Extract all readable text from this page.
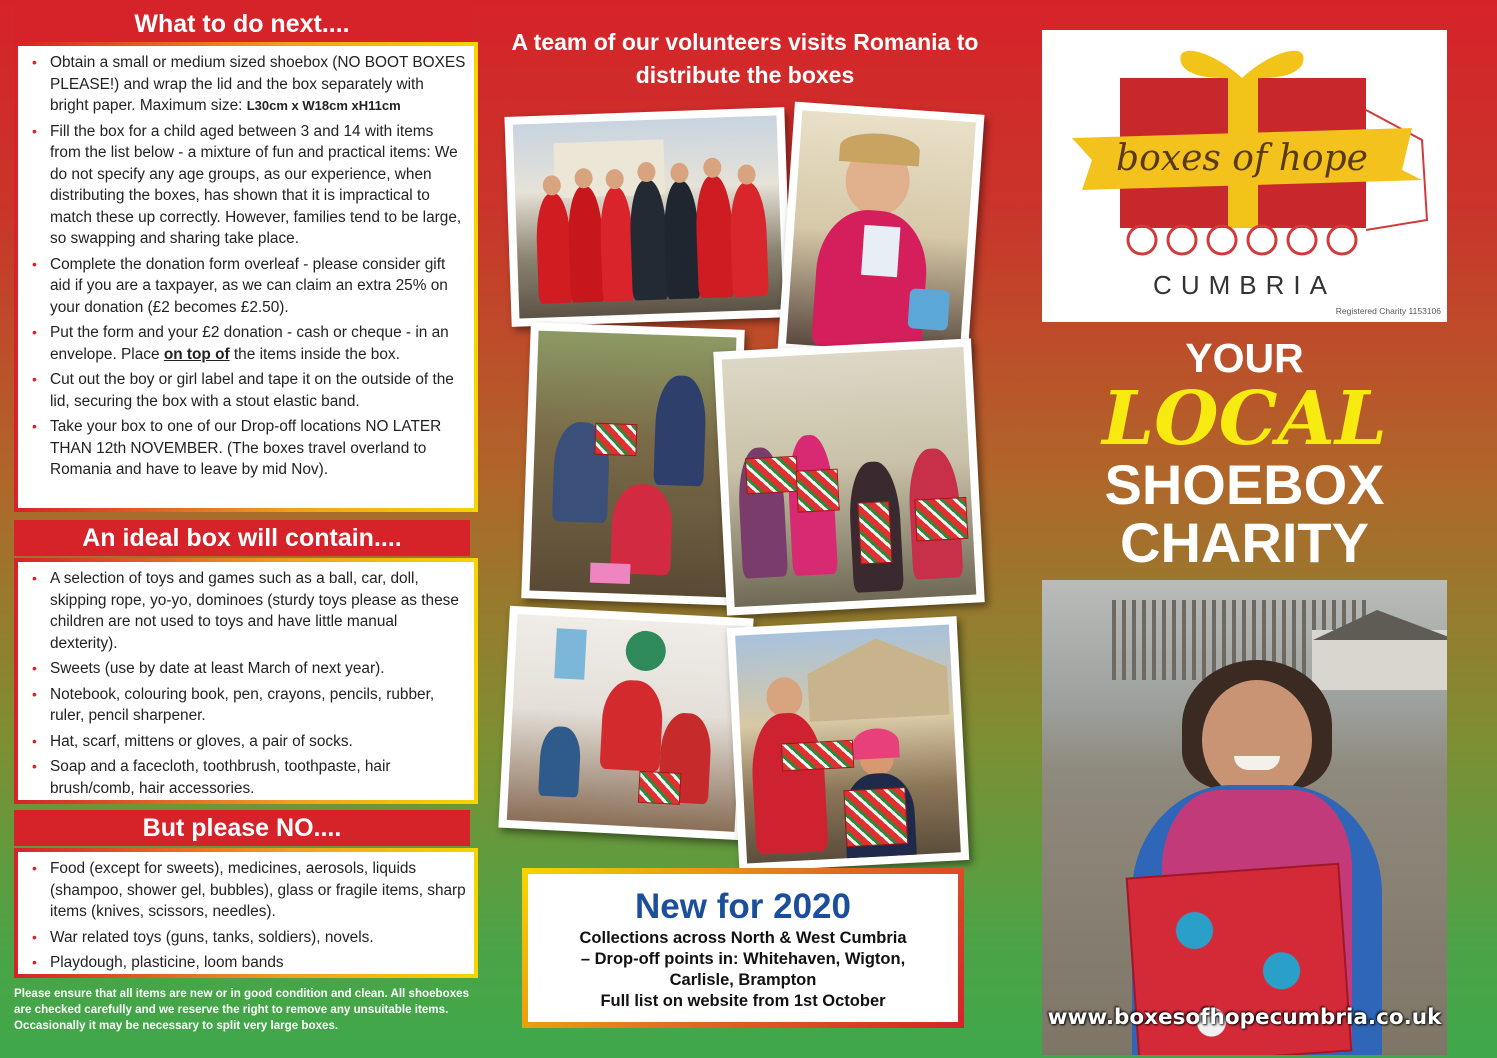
What to do next....
• Obtain a small or medium sized shoebox (NO BOOT BOXES PLEASE!) and wrap the lid and the box separately with bright paper. Maximum size: L30cm x W18cm xH11cm
• Fill the box for a child aged between 3 and 14 with items from the list below - a mixture of fun and practical items: We do not specify any age groups, as our experience, when distributing the boxes, has shown that it is impractical to match these up correctly. However, families tend to be large, so swapping and sharing take place.
• Complete the donation form overleaf - please consider gift aid if you are a taxpayer, as we can claim an extra 25% on your donation (£2 becomes £2.50).
• Put the form and your £2 donation - cash or cheque - in an envelope. Place on top of the items inside the box.
• Cut out the boy or girl label and tape it on the outside of the lid, securing the box with a stout elastic band.
• Take your box to one of our Drop-off locations NO LATER THAN 12th NOVEMBER. (The boxes travel overland to Romania and have to leave by mid Nov).
An ideal box will contain....
• A selection of toys and games such as a ball, car, doll, skipping rope, yo-yo, dominoes (sturdy toys please as these children are not used to toys and have little manual dexterity).
• Sweets (use by date at least March of next year).
• Notebook, colouring book, pen, crayons, pencils, rubber, ruler, pencil sharpener.
• Hat, scarf, mittens or gloves, a pair of socks.
• Soap and a facecloth, toothbrush, toothpaste, hair brush/comb, hair accessories.
But please NO....
• Food (except for sweets), medicines, aerosols, liquids (shampoo, shower gel, bubbles), glass or fragile items, sharp items (knives, scissors, needles).
• War related toys (guns, tanks, soldiers), novels.
• Playdough, plasticine, loom bands
Please ensure that all items are new or in good condition and clean. All shoeboxes are checked carefully and we reserve the right to remove any unsuitable items. Occasionally it may be necessary to split very large boxes.
A team of our volunteers visits Romania to distribute the boxes
New for 2020
Collections across North & West Cumbria
– Drop-off points in: Whitehaven, Wigton,
Carlisle, Brampton
Full list on website from 1st October
boxes of hope
CUMBRIA
Registered Charity 1153106
YOUR
LOCAL
SHOEBOX
CHARITY
www.boxesofhopecumbria.co.uk
